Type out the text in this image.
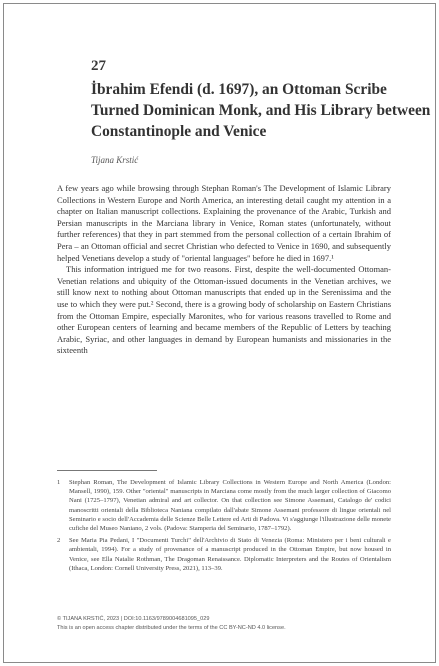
27
İbrahim Efendi (d. 1697), an Ottoman Scribe
Turned Dominican Monk, and His Library between
Constantinople and Venice
Tijana Krstić
A few years ago while browsing through Stephan Roman's The Development of Islamic Library Collections in Western Europe and North America, an interesting detail caught my attention in a chapter on Italian manuscript collections. Explaining the provenance of the Arabic, Turkish and Persian manuscripts in the Marciana library in Venice, Roman states (unfortunately, without further references) that they in part stemmed from the personal collection of a certain Ibrahim of Pera – an Ottoman official and secret Christian who defected to Venice in 1690, and subsequently helped Venetians develop a study of "oriental languages" before he died in 1697.¹
This information intrigued me for two reasons. First, despite the well-documented Ottoman-Venetian relations and ubiquity of the Ottoman-issued documents in the Venetian archives, we still know next to nothing about Ottoman manuscripts that ended up in the Serenissima and the use to which they were put.² Second, there is a growing body of scholarship on Eastern Christians from the Ottoman Empire, especially Maronites, who for various reasons travelled to Rome and other European centers of learning and became members of the Republic of Letters by teaching Arabic, Syriac, and other languages in demand by European humanists and missionaries in the sixteenth
1	Stephan Roman, The Development of Islamic Library Collections in Western Europe and North America (London: Mansell, 1990), 159. Other "oriental" manuscripts in Marciana come mostly from the much larger collection of Giacomo Nani (1725–1797), Venetian admiral and art collector. On that collection see Simone Assemani, Catalogo de' codici manoscritti orientali della Biblioteca Naniana compilato dall'abate Simone Assemani professore di lingue orientali nel Seminario e socio dell'Accademia delle Scienze Belle Lettere ed Arti di Padova. Vi s'aggiunge l'illustrazione delle monete cufiche del Museo Naniano, 2 vols. (Padova: Stamperia del Seminario, 1787–1792).
2	See Maria Pia Pedani, I "Documenti Turchi" dell'Archivio di Stato di Venezia (Roma: Ministero per i beni culturali e ambientali, 1994). For a study of provenance of a manuscript produced in the Ottoman Empire, but now housed in Venice, see Ella Natalie Rothman, The Dragoman Renaissance. Diplomatic Interpreters and the Routes of Orientalism (Ithaca, London: Cornell University Press, 2021), 113–39.
© TIJANA KRSTIĆ, 2023 | DOI:10.1163/9789004681095_029
This is an open access chapter distributed under the terms of the CC BY-NC-ND 4.0 license.
